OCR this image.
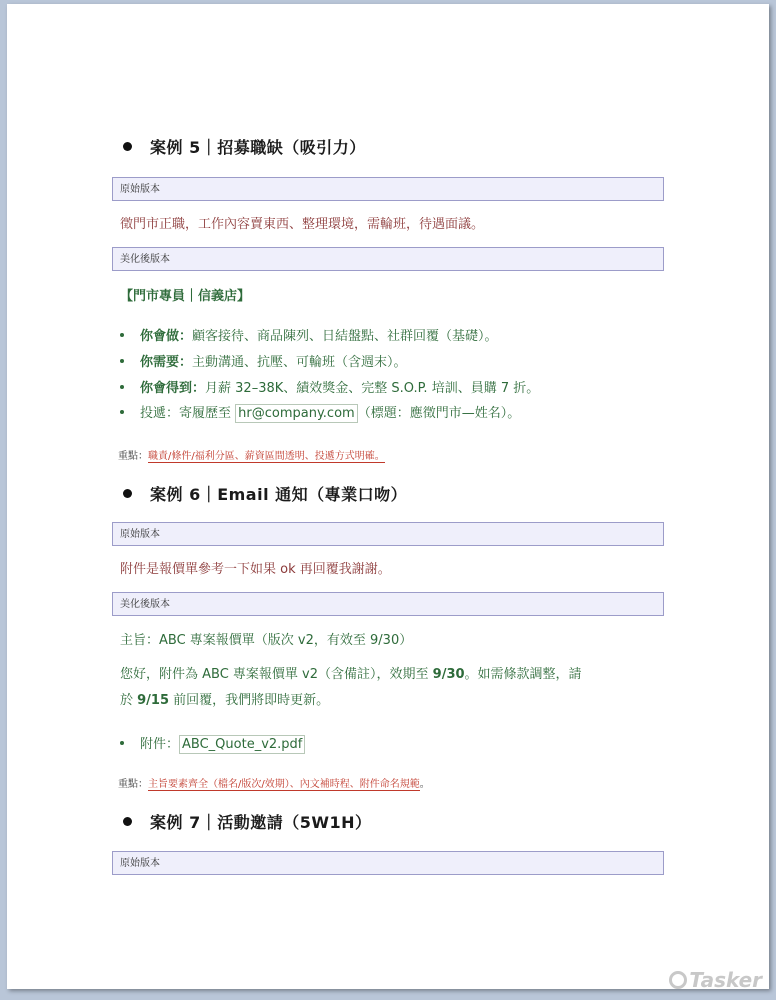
案例 5｜招募職缺（吸引力）
原始版本
徵門市正職，工作內容賣東西、整理環境，需輪班，待遇面議。
美化後版本
【門市專員｜信義店】
你會做：顧客接待、商品陳列、日結盤點、社群回覆（基礎）。
你需要：主動溝通、抗壓、可輪班（含週末）。
你會得到：月薪 32–38K、績效獎金、完整 S.O.P. 培訓、員購 7 折。
投遞：寄履歷至 hr@company.com （標題：應徵門市—姓名）。
重點：職責/條件/福利分區、薪資區間透明、投遞方式明確。
案例 6｜Email 通知（專業口吻）
原始版本
附件是報價單參考一下如果 ok 再回覆我謝謝。
美化後版本
主旨：ABC 專案報價單（版次 v2，有效至 9/30）
您好，附件為 ABC 專案報價單 v2（含備註），效期至 9/30。如需條款調整，請
於 9/15 前回覆，我們將即時更新。
附件： ABC_Quote_v2.pdf
重點：主旨要素齊全（檔名/版次/效期）、內文補時程、附件命名規範。
案例 7｜活動邀請（5W1H）
原始版本
Tasker
